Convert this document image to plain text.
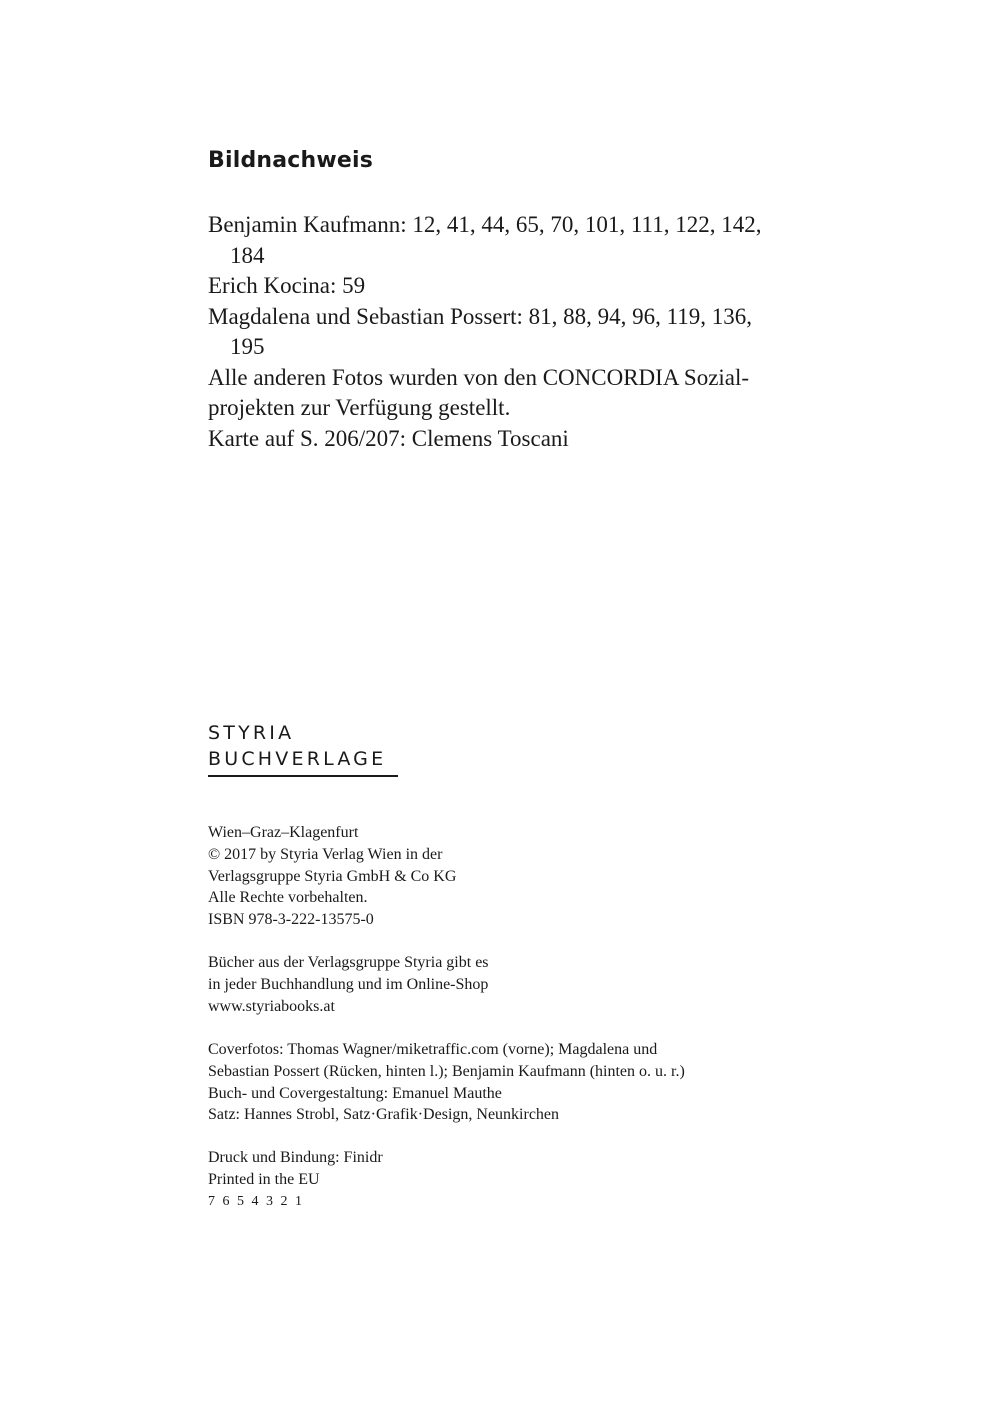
Bildnachweis
Benjamin Kaufmann: 12, 41, 44, 65, 70, 101, 111, 122, 142,
184
Erich Kocina: 59
Magdalena und Sebastian Possert: 81, 88, 94, 96, 119, 136,
195
Alle anderen Fotos wurden von den CONCORDIA Sozial-
projekten zur Verfügung gestellt.
Karte auf S. 206/207: Clemens Toscani
STYRIA
BUCHVERLAGE
Wien–Graz–Klagenfurt
© 2017 by Styria Verlag Wien in der
Verlagsgruppe Styria GmbH & Co KG
Alle Rechte vorbehalten.
ISBN 978-3-222-13575-0
Bücher aus der Verlagsgruppe Styria gibt es
in jeder Buchhandlung und im Online-Shop
www.styriabooks.at
Coverfotos: Thomas Wagner/miketraffic.com (vorne); Magdalena und
Sebastian Possert (Rücken, hinten l.); Benjamin Kaufmann (hinten o. u. r.)
Buch- und Covergestaltung: Emanuel Mauthe
Satz: Hannes Strobl, Satz·Grafik·Design, Neunkirchen
Druck und Bindung: Finidr
Printed in the EU
7 6 5 4 3 2 1
